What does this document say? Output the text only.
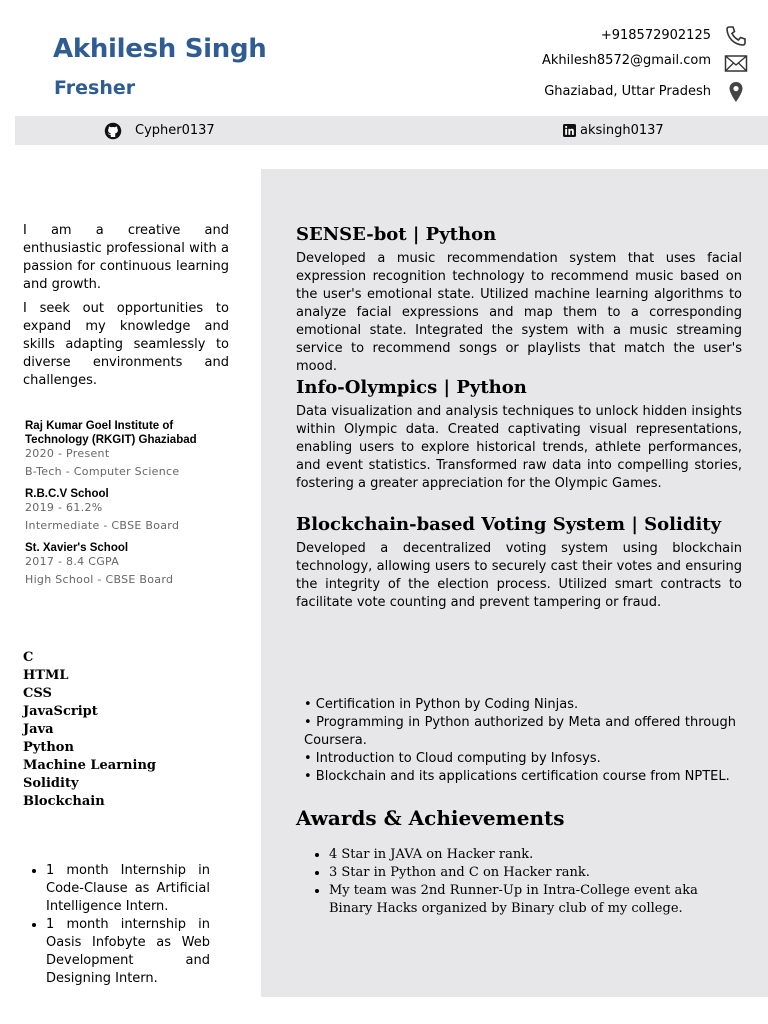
Akhilesh Singh
Fresher
+918572902125
Akhilesh8572@gmail.com
Ghaziabad, Uttar Pradesh
Cypher0137	aksingh0137

I am a creative and enthusiastic professional with a passion for continuous learning and growth.

I seek out opportunities to expand my knowledge and skills adapting seamlessly to diverse environments and challenges.

Raj Kumar Goel Institute of Technology (RKGIT) Ghaziabad

2020 - Present

B-Tech - Computer Science

R.B.C.V School

2019 - 61.2%

Intermediate - CBSE Board

St. Xavier's School

2017 - 8.4 CGPA

High School - CBSE Board

C
HTML
CSS
JavaScript
Java
Python
Machine Learning
Solidity
Blockchain
• 1 month Internship in Code-Clause as Artificial Intelligence Intern.
• 1 month internship in Oasis Infobyte as Web Development and Designing Intern.
SENSE-bot | Python

Developed a music recommendation system that uses facial expression recognition technology to recommend music based on the user's emotional state. Utilized machine learning algorithms to analyze facial expressions and map them to a corresponding emotional state. Integrated the system with a music streaming service to recommend songs or playlists that match the user's mood.

Info-Olympics | Python

Data visualization and analysis techniques to unlock hidden insights within Olympic data. Created captivating visual representations, enabling users to explore historical trends, athlete performances, and event statistics. Transformed raw data into compelling stories, fostering a greater appreciation for the Olympic Games.

Blockchain-based Voting System | Solidity

Developed a decentralized voting system using blockchain technology, allowing users to securely cast their votes and ensuring the integrity of the election process. Utilized smart contracts to facilitate vote counting and prevent tampering or fraud.

• Certification in Python by Coding Ninjas.
• Programming in Python authorized by Meta and offered through Coursera.
• Introduction to Cloud computing by Infosys.
• Blockchain and its applications certification course from NPTEL.
Awards & Achievements
• 4 Star in JAVA on Hacker rank.
• 3 Star in Python and C on Hacker rank.
• My team was 2nd Runner-Up in Intra-College event aka Binary Hacks organized by Binary club of my college.
